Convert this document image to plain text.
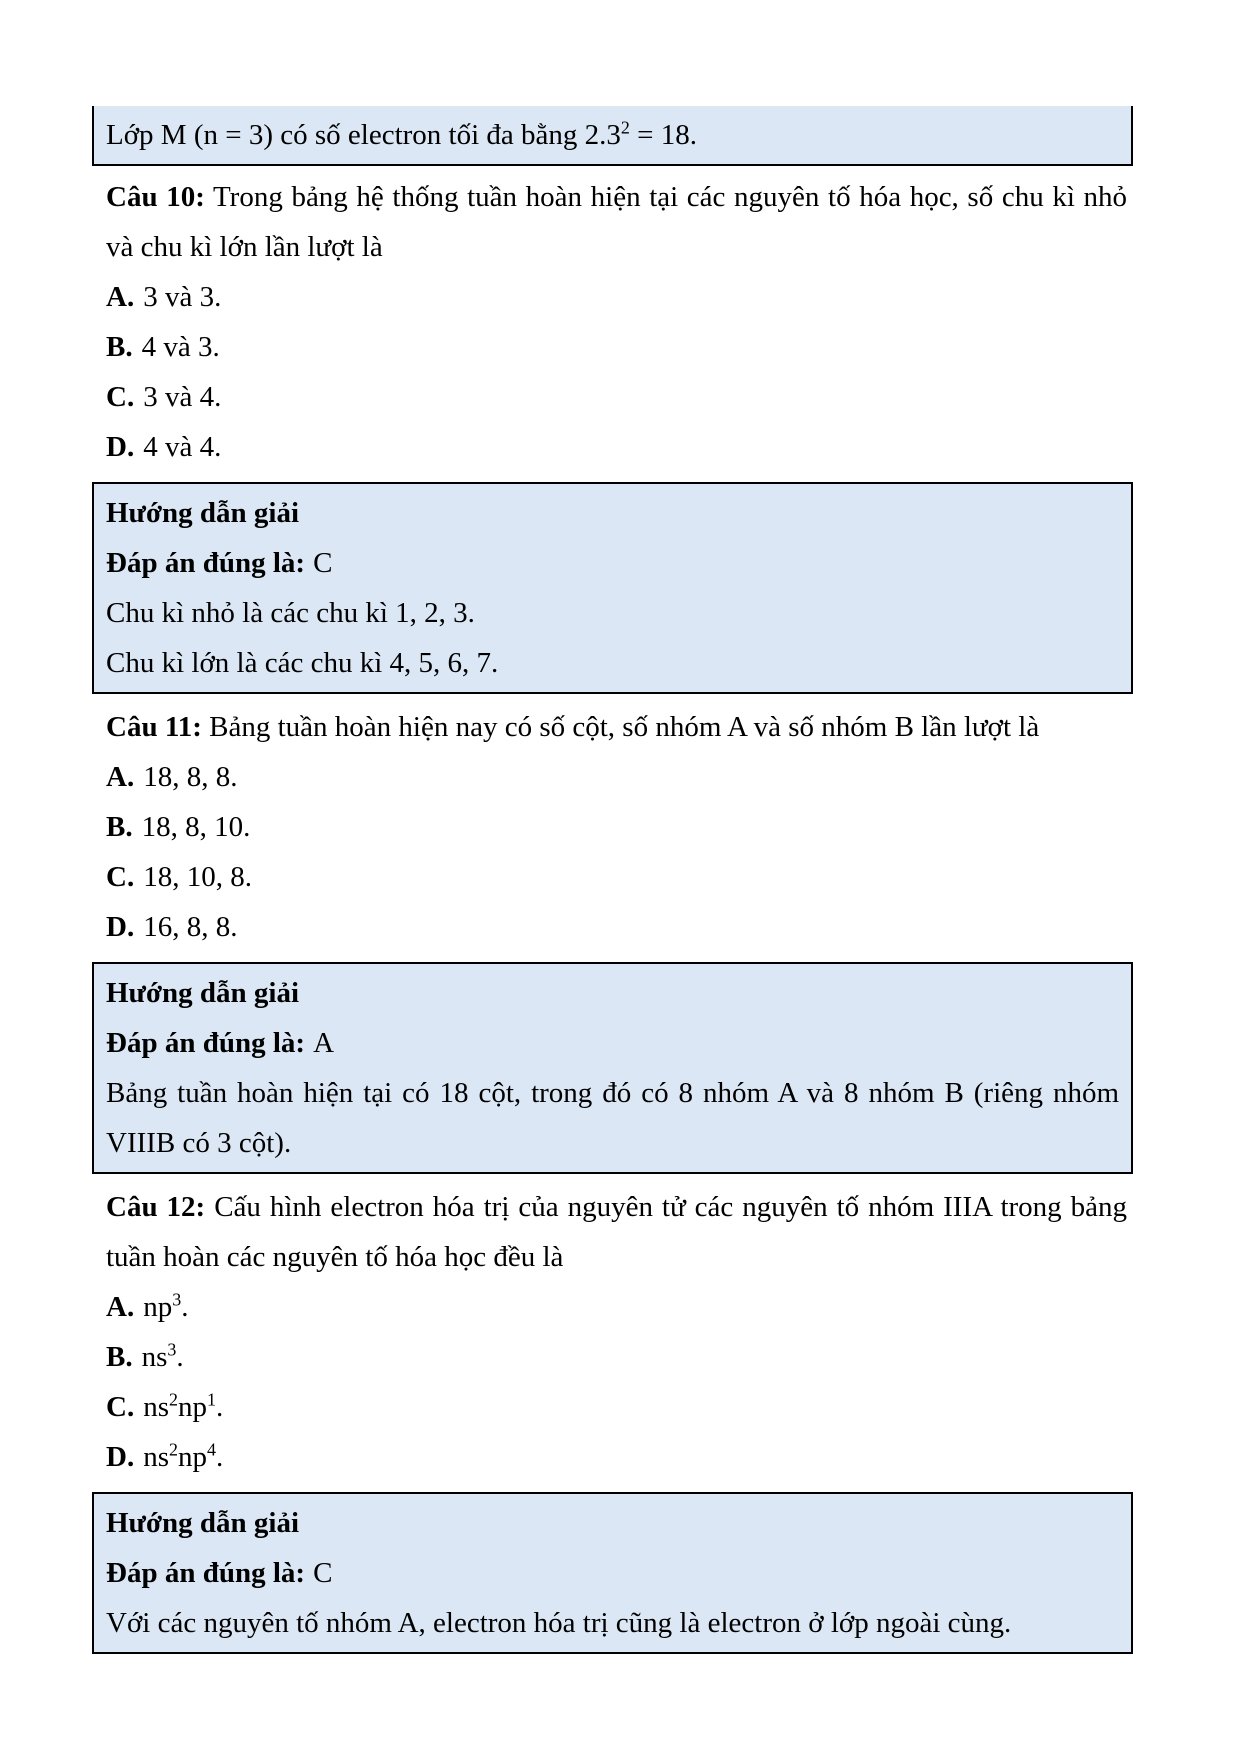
Lớp M (n = 3) có số electron tối đa bằng $2.3^2 = 18$.

Câu 10: Trong bảng hệ thống tuần hoàn hiện tại các nguyên tố hóa học, số chu kì nhỏ và chu kì lớn lần lượt là

A. 3 và 3.

B. 4 và 3.

C. 3 và 4.

D. 4 và 4.

Hướng dẫn giải

Đáp án đúng là: C

Chu kì nhỏ là các chu kì 1, 2, 3.

Chu kì lớn là các chu kì 4, 5, 6, 7.

Câu 11: Bảng tuần hoàn hiện nay có số cột, số nhóm A và số nhóm B lần lượt là

A. 18, 8, 8.

B. 18, 8, 10.

C. 18, 10, 8.

D. 16, 8, 8.

Hướng dẫn giải

Đáp án đúng là: A

Bảng tuần hoàn hiện tại có 18 cột, trong đó có 8 nhóm A và 8 nhóm B (riêng nhóm VIIIB có 3 cột).

Câu 12: Cấu hình electron hóa trị của nguyên tử các nguyên tố nhóm IIIA trong bảng tuần hoàn các nguyên tố hóa học đều là

A. $np^3$.

B. $ns^3$.

C. $ns^2np^1$.

D. $ns^2np^4$.

Hướng dẫn giải

Đáp án đúng là: C

Với các nguyên tố nhóm A, electron hóa trị cũng là electron ở lớp ngoài cùng.
